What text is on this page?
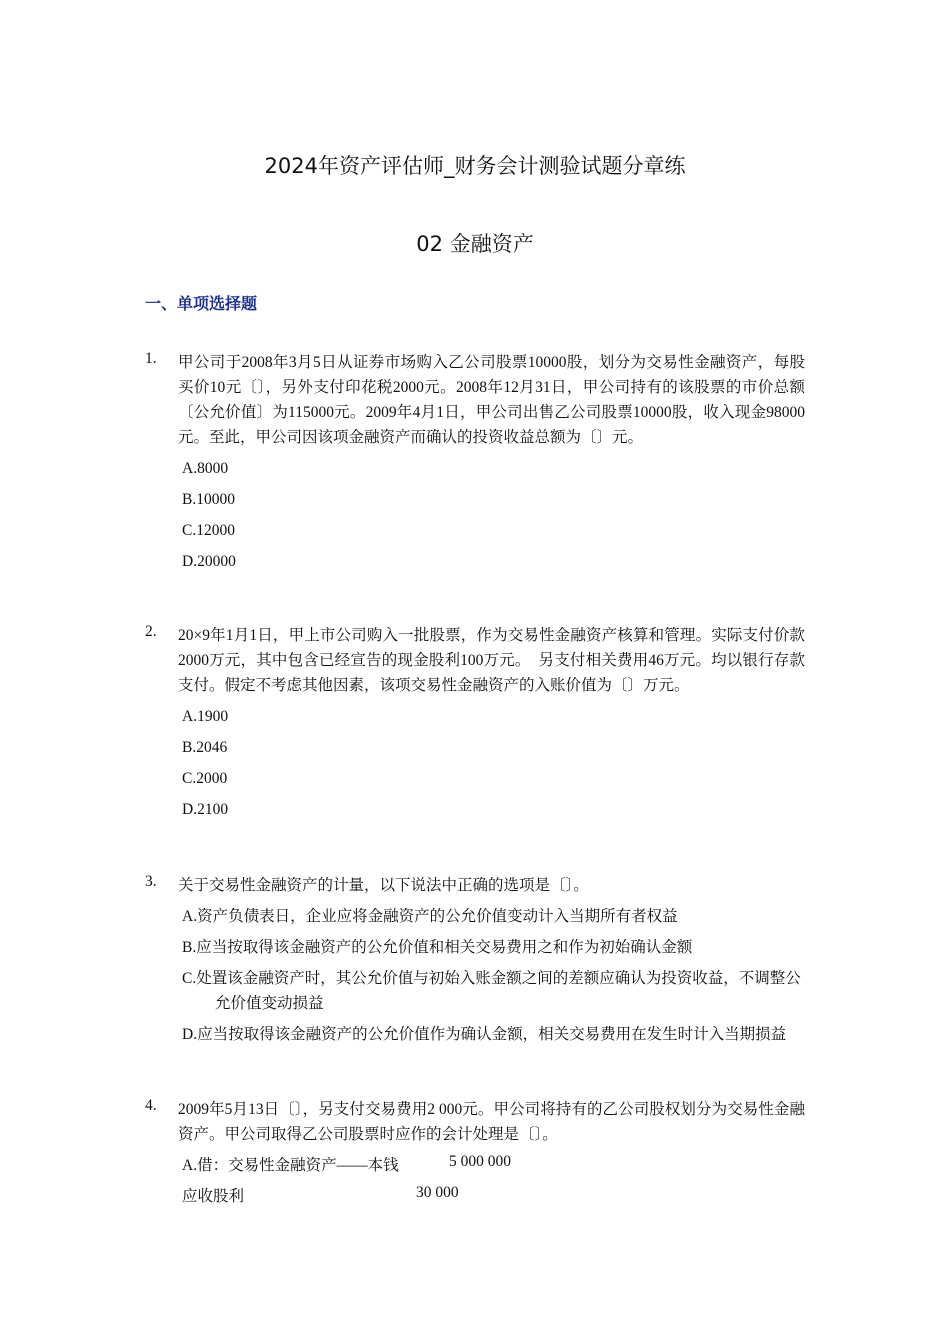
2024年资产评估师_财务会计测验试题分章练
02 金融资产
一、单项选择题
1. 甲公司于2008年3月5日从证券市场购入乙公司股票10000股，划分为交易性金融资产，每股买价10元〔〕，另外支付印花税2000元。2008年12月31日，甲公司持有的该股票的市价总额〔公允价值〕为115000元。2009年4月1日，甲公司出售乙公司股票10000股，收入现金98000元。至此，甲公司因该项金融资产而确认的投资收益总额为〔〕元。
A.8000
B.10000
C.12000
D.20000
2. 20×9年1月1日，甲上市公司购入一批股票，作为交易性金融资产核算和管理。实际支付价款2000万元，其中包含已经宣告的现金股利100万元。　另支付相关费用46万元。均以银行存款支付。假定不考虑其他因素，该项交易性金融资产的入账价值为〔〕万元。
A.1900
B.2046
C.2000
D.2100
3. 关于交易性金融资产的计量，以下说法中正确的选项是〔〕。
A.资产负债表日，企业应将金融资产的公允价值变动计入当期所有者权益
B.应当按取得该金融资产的公允价值和相关交易费用之和作为初始确认金额
C.处置该金融资产时，其公允价值与初始入账金额之间的差额应确认为投资收益，不调整公允价值变动损益
D.应当按取得该金融资产的公允价值作为确认金额，相关交易费用在发生时计入当期损益
4. 2009年5月13日〔〕，另支付交易费用2 000元。甲公司将持有的乙公司股权划分为交易性金融资产。甲公司取得乙公司股票时应作的会计处理是〔〕。
A.借：交易性金融资产——本钱	5 000 000
应收股利	30 000
